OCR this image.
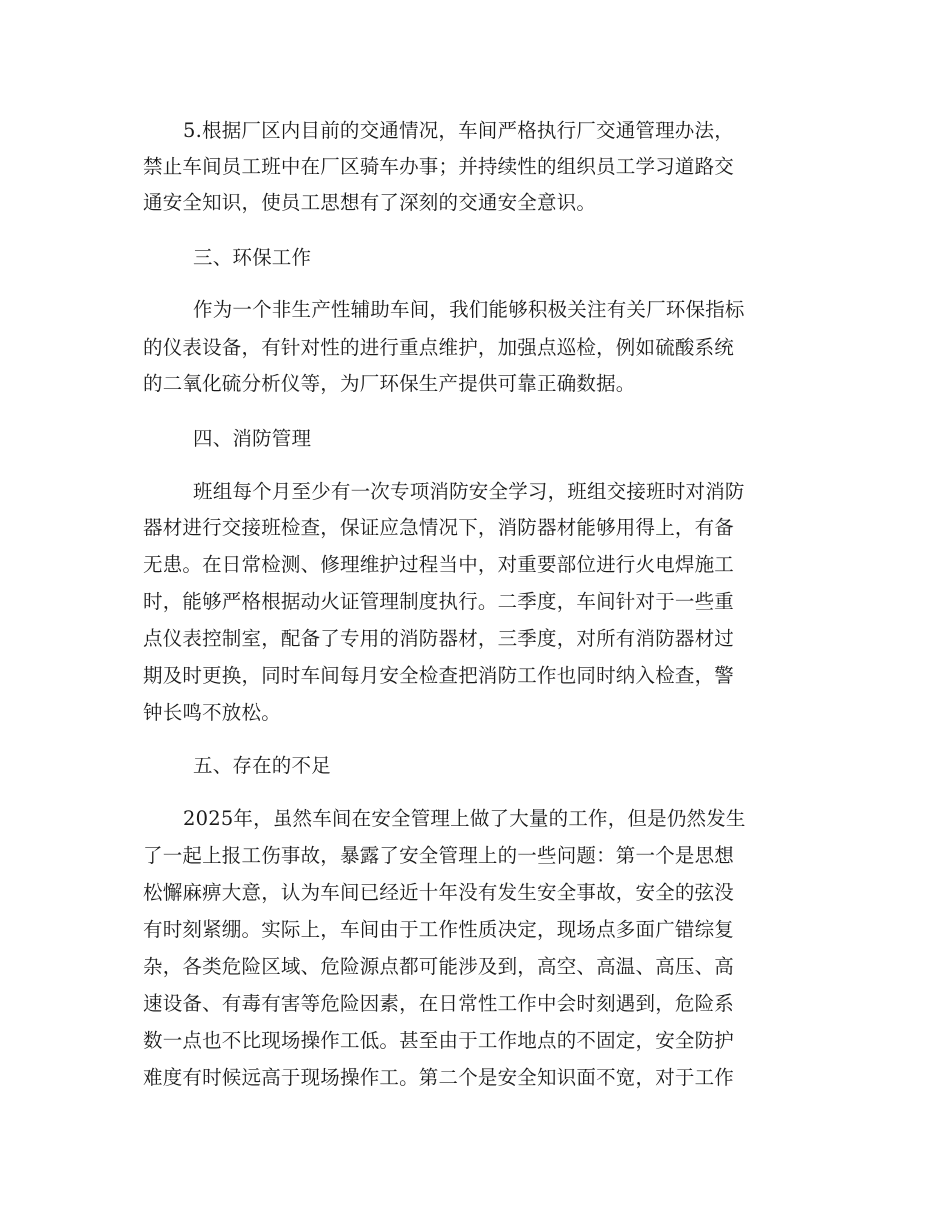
5.根据厂区内目前的交通情况，车间严格执行厂交通管理办法，
禁止车间员工班中在厂区骑车办事；并持续性的组织员工学习道路交
通安全知识，使员工思想有了深刻的交通安全意识。
三、环保工作
作为一个非生产性辅助车间，我们能够积极关注有关厂环保指标
的仪表设备，有针对性的进行重点维护，加强点巡检，例如硫酸系统
的二氧化硫分析仪等，为厂环保生产提供可靠正确数据。
四、消防管理
班组每个月至少有一次专项消防安全学习，班组交接班时对消防
器材进行交接班检查，保证应急情况下，消防器材能够用得上，有备
无患。在日常检测、修理维护过程当中，对重要部位进行火电焊施工
时，能够严格根据动火证管理制度执行。二季度，车间针对于一些重
点仪表控制室，配备了专用的消防器材，三季度，对所有消防器材过
期及时更换，同时车间每月安全检查把消防工作也同时纳入检查，警
钟长鸣不放松。
五、存在的不足
2025年，虽然车间在安全管理上做了大量的工作，但是仍然发生
了一起上报工伤事故，暴露了安全管理上的一些问题：第一个是思想
松懈麻痹大意，认为车间已经近十年没有发生安全事故，安全的弦没
有时刻紧绷。实际上，车间由于工作性质决定，现场点多面广错综复
杂，各类危险区域、危险源点都可能涉及到，高空、高温、高压、高
速设备、有毒有害等危险因素，在日常性工作中会时刻遇到，危险系
数一点也不比现场操作工低。甚至由于工作地点的不固定，安全防护
难度有时候远高于现场操作工。第二个是安全知识面不宽，对于工作
